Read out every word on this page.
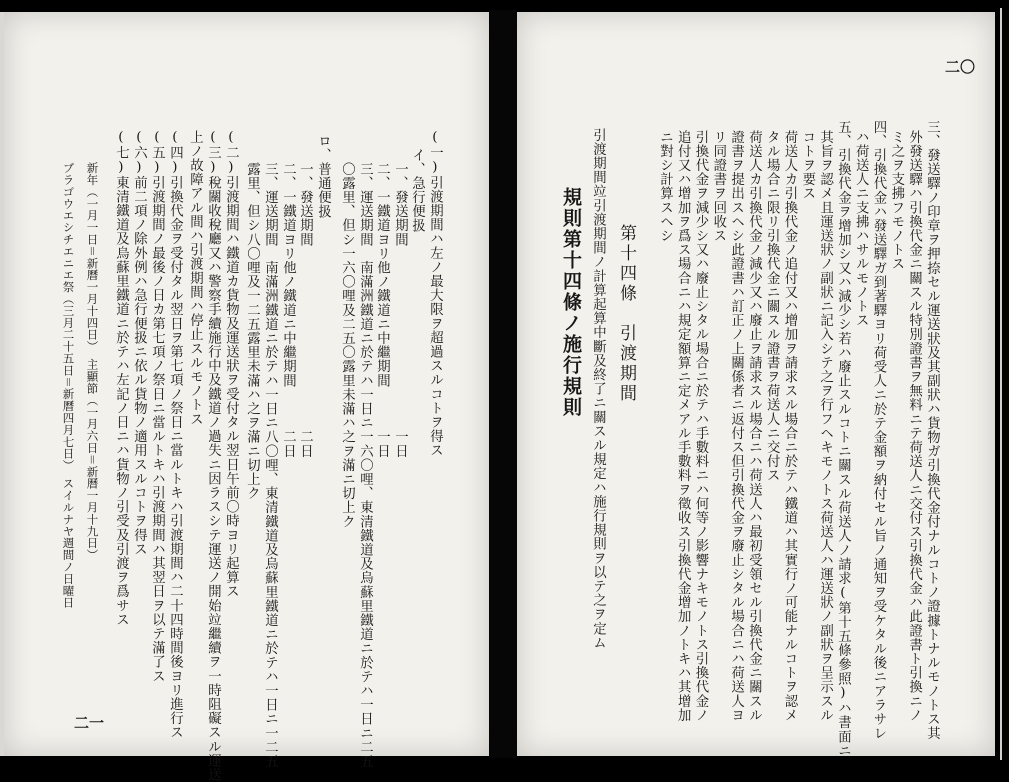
二一
(一)引渡期間ハ左ノ最大限ヲ超過スルコトヲ得ス
イ、急行便扱
一、發送期間　　　　　　　　　　　　　一日
二、一鐵道ヨリ他ノ鐵道ニ中繼期間　　　一日
三、運送期間　南滿洲鐵道ニ於テハ一日ニ一六〇哩、東清鐵道及烏蘇里鐵道ニ於テハ一日ニ二五
〇露里、但シ一六〇哩及二五〇露里未滿ハ之ヲ滿ニ切上ク
ロ、普通便扱
一、發送期間　　　　　　　　　　　　　二日
二、一鐵道ヨリ他ノ鐵道ニ中繼期間　　　二日
三、運送期間　南滿洲鐵道ニ於テハ一日ニ八〇哩、東清鐵道及烏蘇里鐵道ニ於テハ一日ニ一二五
露里、但シ八〇哩及一二五露里未滿ハ之ヲ滿ニ切上ク
(二)引渡期間ハ鐵道カ貨物及運送狀ヲ受付タル翌日午前〇時ヨリ起算ス
(三)稅關收稅廳又ハ警察手續施行中及鐵道ノ過失ニ因ラスシテ運送ノ開始竝繼續ヲ一時阻礙スル運送
上ノ故障アル間ハ引渡期間ハ停止スルモノトス
(四)引換代金ヲ受付タル翌日ヲ第七項ノ祭日ニ當ルトキハ引渡期間ハ二十四時間後ヨリ進行ス
(五)引渡期間ノ最後ノ日カ第七項ノ祭日ニ當ルトキハ引渡期間ハ其翌日ヲ以テ滿了ス
(六)前二項ノ除外例ハ急行便扱ニ依ル貨物ノ適用スルコトヲ得ス
(七)東清鐵道及烏蘇里鐵道ニ於テハ左記ノ日ニハ貨物ノ引受及引渡ヲ爲サス
新年（一月一日＝新曆一月十四日）　主顯節（一月六日＝新曆一月十九日）
ブラゴウエシチエニエ祭（三月二十五日＝新曆四月七日）　スイルナヤ週間ノ日曜日
二〇
三、發送驛ノ印章ヲ押捺セル運送狀及其副狀ハ貨物ガ引換代金付ナルコトノ證據トナルモノトス其
外發送驛ハ引換代金ニ關スル特別證書ヲ無料ニテ荷送人ニ交付ス引換代金ハ此證書ト引換ニノ
ミ之ヲ支拂フモノトス
四、引換代金ハ發送驛ガ到著驛ヨリ荷受人ニ於テ金額ヲ納付セル旨ノ通知ヲ受ケタル後ニアラサレ
ハ荷送人ニ支拂ハサルモノトス
五、引換代金ヲ增加シ又ハ減少シ若ハ廢止スルコトニ關スル荷送人ノ請求(第十五條參照)ハ書面ニ
其旨ヲ認メ且運送狀ノ副狀ニ記入シテ之ヲ行フヘキモノトス荷送人ハ運送狀ノ副狀ヲ呈示スル
コトヲ要ス
荷送人カ引換代金ノ追付又ハ增加ヲ請求スル場合ニ於テハ鐵道ハ其實行ノ可能ナルコトヲ認メ
タル場合ニ限リ引換代金ニ關スル證書ヲ荷送人ニ交付ス
荷送人カ引換代金ノ減少又ハ廢止ヲ請求スル場合ニハ荷送人ハ最初受領セル引換代金ニ關スル
證書ヲ提出スヘシ此證書ハ訂正ノ上關係者ニ返付ス但引換代金ヲ廢止シタル場合ニハ荷送人ヨ
リ同證書ヲ回收ス
引換代金ヲ減少シ又ハ廢止シタル場合ニ於テハ手數料ニハ何等ノ影響ナキモノトス引換代金ノ
追付又ハ增加ヲ爲ス場合ニハ規定額算ニ定メアル手數料ヲ徵收ス引換代金增加ノトキハ其增加
ニ對シ計算スヘシ
第十四條　引渡期間
引渡期間竝引渡期間ノ計算起算中斷及終了ニ關スル規定ハ施行規則ヲ以テ之ヲ定ム
規則第十四條ノ施行規則
